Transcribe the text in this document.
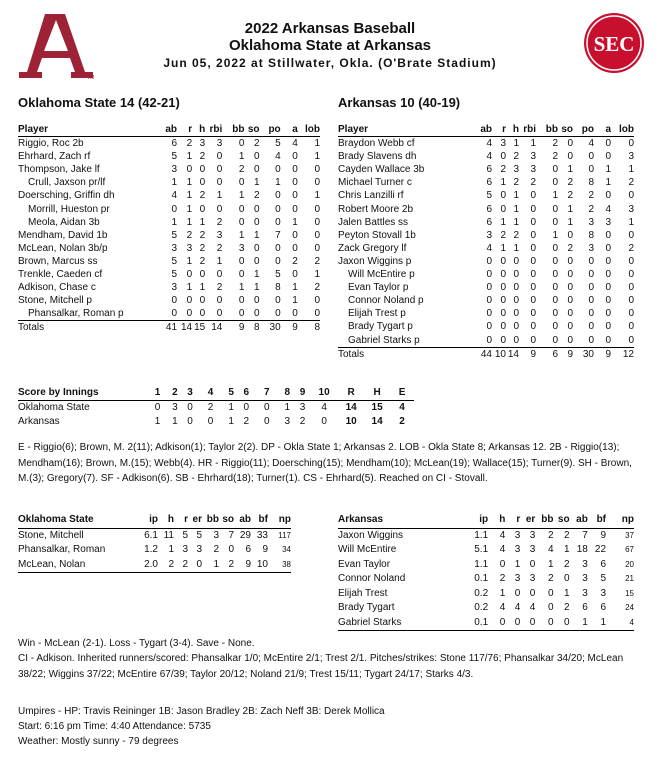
TM
SEC
2022 Arkansas Baseball
Oklahoma State at Arkansas
Jun 05, 2022 at Stillwater, Okla. (O'Brate Stadium)
Oklahoma State 14 (42-21)	Arkansas 10 (40-19)
Player	ab	r	h	rbi	bb	so	po	a	lob
Riggio, Roc 2b	6	2	3	3	0	2	5	4	1
Ehrhard, Zach rf	5	1	2	0	1	0	4	0	1
Thompson, Jake lf	3	0	0	0	2	0	0	0	0
Crull, Jaxson pr/lf	1	1	0	0	0	1	1	0	0
Doersching, Griffin dh	4	1	2	1	1	2	0	0	1
Morrill, Hueston pr	0	1	0	0	0	0	0	0	0
Meola, Aidan 3b	1	1	1	2	0	0	0	1	0
Mendham, David 1b	5	2	2	3	1	1	7	0	0
McLean, Nolan 3b/p	3	3	2	2	3	0	0	0	0
Brown, Marcus ss	5	1	2	1	0	0	0	2	2
Trenkle, Caeden cf	5	0	0	0	0	1	5	0	1
Adkison, Chase c	3	1	1	2	1	1	8	1	2
Stone, Mitchell p	0	0	0	0	0	0	0	1	0
Phansalkar, Roman p	0	0	0	0	0	0	0	0	0
Totals	41	14	15	14	9	8	30	9	8
Player	ab	r	h	rbi	bb	so	po	a	lob
Braydon Webb cf	4	3	1	1	2	0	4	0	0
Brady Slavens dh	4	0	2	3	2	0	0	0	3
Cayden Wallace 3b	6	2	3	3	0	1	0	1	1
Michael Turner c	6	1	2	2	0	2	8	1	2
Chris Lanzilli rf	5	0	1	0	1	2	2	0	0
Robert Moore 2b	6	0	1	0	0	1	2	4	3
Jalen Battles ss	6	1	1	0	0	1	3	3	1
Peyton Stovall 1b	3	2	2	0	1	0	8	0	0
Zack Gregory lf	4	1	1	0	0	2	3	0	2
Jaxon Wiggins p	0	0	0	0	0	0	0	0	0
Will McEntire p	0	0	0	0	0	0	0	0	0
Evan Taylor p	0	0	0	0	0	0	0	0	0
Connor Noland p	0	0	0	0	0	0	0	0	0
Elijah Trest p	0	0	0	0	0	0	0	0	0
Brady Tygart p	0	0	0	0	0	0	0	0	0
Gabriel Starks p	0	0	0	0	0	0	0	0	0
Totals	44	10	14	9	6	9	30	9	12
Score by Innings	1	2	3	4	5	6	7	8	9	10	R	H	E
Oklahoma State	0	3	0	2	1	0	0	1	3	4	14	15	4
Arkansas	1	1	0	0	1	2	0	3	2	0	10	14	2
E - Riggio(6); Brown, M. 2(11); Adkison(1); Taylor 2(2). DP - Okla State 1; Arkansas 2. LOB - Okla State 8; Arkansas 12. 2B - Riggio(13); Mendham(16); Brown, M.(15); Webb(4). HR - Riggio(11); Doersching(15); Mendham(10); McLean(19); Wallace(15); Turner(9). SH - Brown, M.(3); Gregory(7). SF - Adkison(6). SB - Ehrhard(18); Turner(1). CS - Ehrhard(5). Reached on CI - Stovall.
Oklahoma State	ip	h	r	er	bb	so	ab	bf	np
Stone, Mitchell	6.1	11	5	5	3	7	29	33	117
Phansalkar, Roman	1.2	1	3	3	2	0	6	9	34
McLean, Nolan	2.0	2	2	0	1	2	9	10	38
Arkansas	ip	h	r	er	bb	so	ab	bf	np
Jaxon Wiggins	1.1	4	3	3	2	2	7	9	37
Will McEntire	5.1	4	3	3	4	1	18	22	67
Evan Taylor	1.1	0	1	0	1	2	3	6	20
Connor Noland	0.1	2	3	3	2	0	3	5	21
Elijah Trest	0.2	1	0	0	0	1	3	3	15
Brady Tygart	0.2	4	4	4	0	2	6	6	24
Gabriel Starks	0.1	0	0	0	0	0	1	1	4
Win - McLean (2-1). Loss - Tygart (3-4). Save - None.
CI - Adkison. Inherited runners/scored: Phansalkar 1/0; McEntire 2/1; Trest 2/1. Pitches/strikes: Stone 117/76; Phansalkar 34/20; McLean 38/22; Wiggins 37/22; McEntire 67/39; Taylor 20/12; Noland 21/9; Trest 15/11; Tygart 24/17; Starks 4/3.
Umpires - HP: Travis Reininger 1B: Jason Bradley 2B: Zach Neff 3B: Derek Mollica
Start: 6:16 pm Time: 4:40 Attendance: 5735
Weather: Mostly sunny - 79 degrees
